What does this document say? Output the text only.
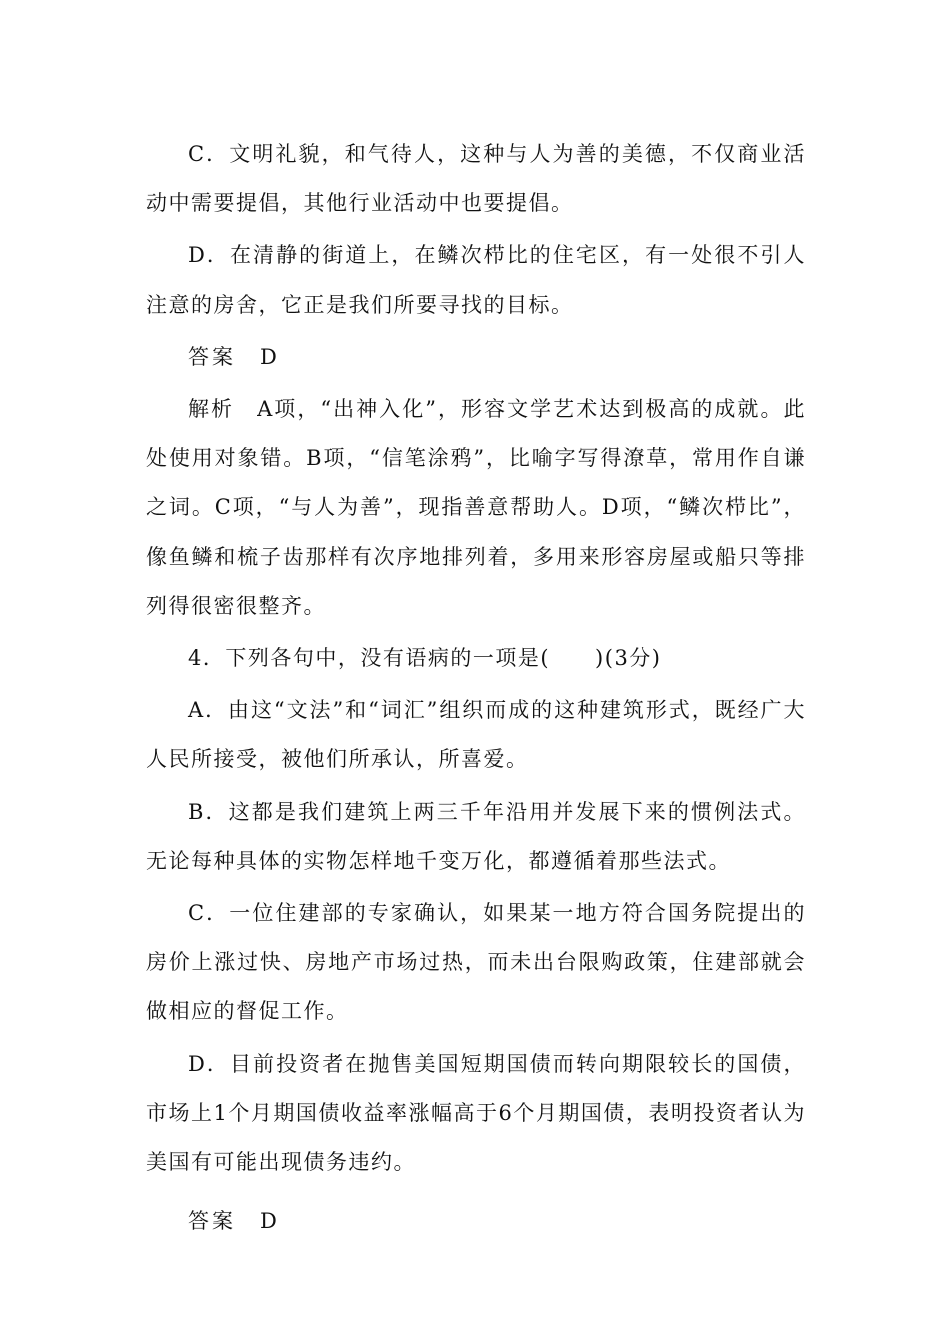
C．文明礼貌，和气待人，这种与人为善的美德，不仅商业活动中需要提倡，其他行业活动中也要提倡。

D．在清静的街道上，在鳞次栉比的住宅区，有一处很不引人注意的房舍，它正是我们所要寻找的目标。

答案　D

解析　A项，“出神入化”，形容文学艺术达到极高的成就。此处使用对象错。B项，“信笔涂鸦”，比喻字写得潦草，常用作自谦之词。C项，“与人为善”，现指善意帮助人。D项，“鳞次栉比”，像鱼鳞和梳子齿那样有次序地排列着，多用来形容房屋或船只等排列得很密很整齐。

4．下列各句中，没有语病的一项是(　　)(3分)

A．由这“文法”和“词汇”组织而成的这种建筑形式，既经广大人民所接受，被他们所承认，所喜爱。

B．这都是我们建筑上两三千年沿用并发展下来的惯例法式。无论每种具体的实物怎样地千变万化，都遵循着那些法式。

C．一位住建部的专家确认，如果某一地方符合国务院提出的房价上涨过快、房地产市场过热，而未出台限购政策，住建部就会做相应的督促工作。

D．目前投资者在抛售美国短期国债而转向期限较长的国债，市场上1个月期国债收益率涨幅高于6个月期国债，表明投资者认为美国有可能出现债务违约。

答案　D
